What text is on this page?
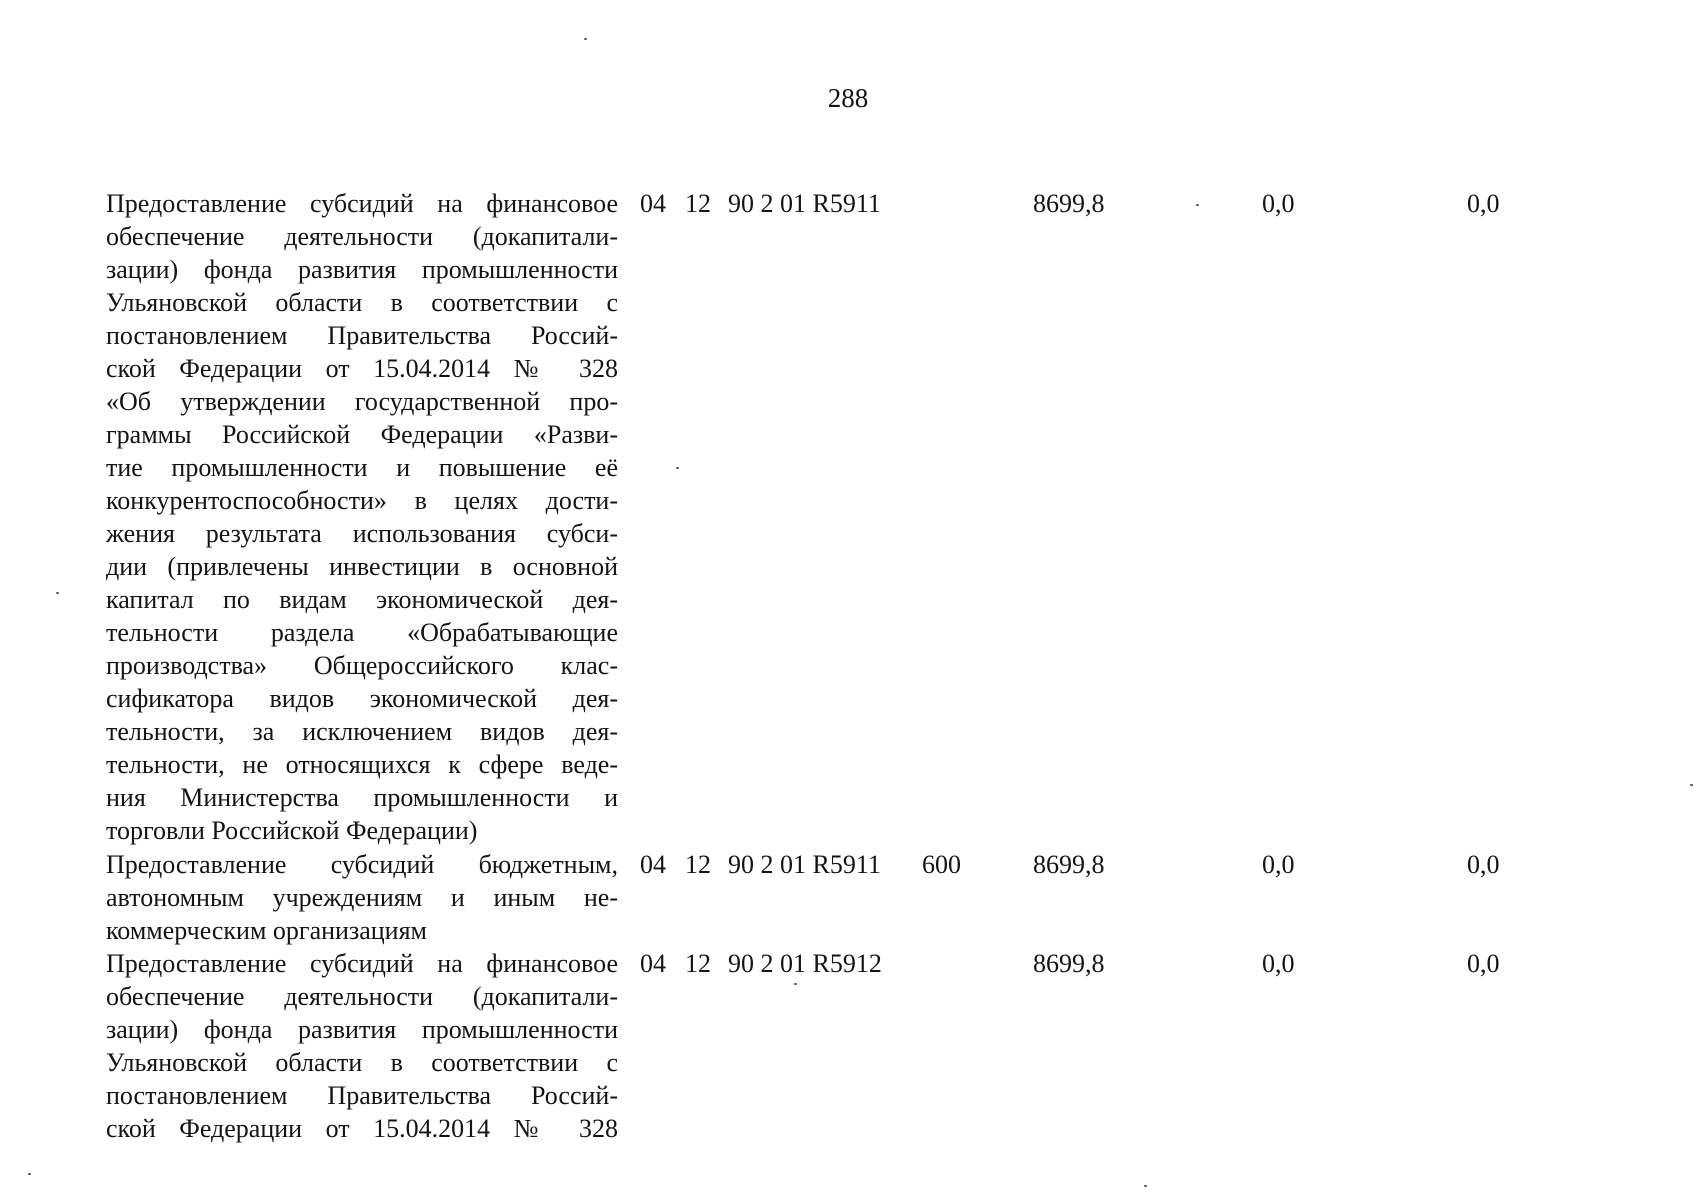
288
Предоставление субсидий на финансовое
обеспечение деятельности (докапитали-
зации) фонда развития промышленности
Ульяновской области в соответствии с
постановлением Правительства Россий-
ской Федерации от 15.04.2014 № 328
«Об утверждении государственной про-
граммы Российской Федерации «Разви-
тие промышленности и повышение её
конкурентоспособности» в целях дости-
жения результата использования субси-
дии (привлечены инвестиции в основной
капитал по видам экономической дея-
тельности раздела «Обрабатывающие
производства» Общероссийского клас-
сификатора видов экономической дея-
тельности, за исключением видов дея-
тельности, не относящихся к сфере веде-
ния Министерства промышленности и
торговли Российской Федерации)
04 12 90 2 01 R5911	8699,8	0,0	0,0
Предоставление субсидий бюджетным,
автономным учреждениям и иным не-
коммерческим организациям
04 12 90 2 01 R5911 600	8699,8	0,0	0,0
Предоставление субсидий на финансовое
обеспечение деятельности (докапитали-
зации) фонда развития промышленности
Ульяновской области в соответствии с
постановлением Правительства Россий-
ской Федерации от 15.04.2014 № 328
04 12 90 2 01 R5912	8699,8	0,0	0,0
